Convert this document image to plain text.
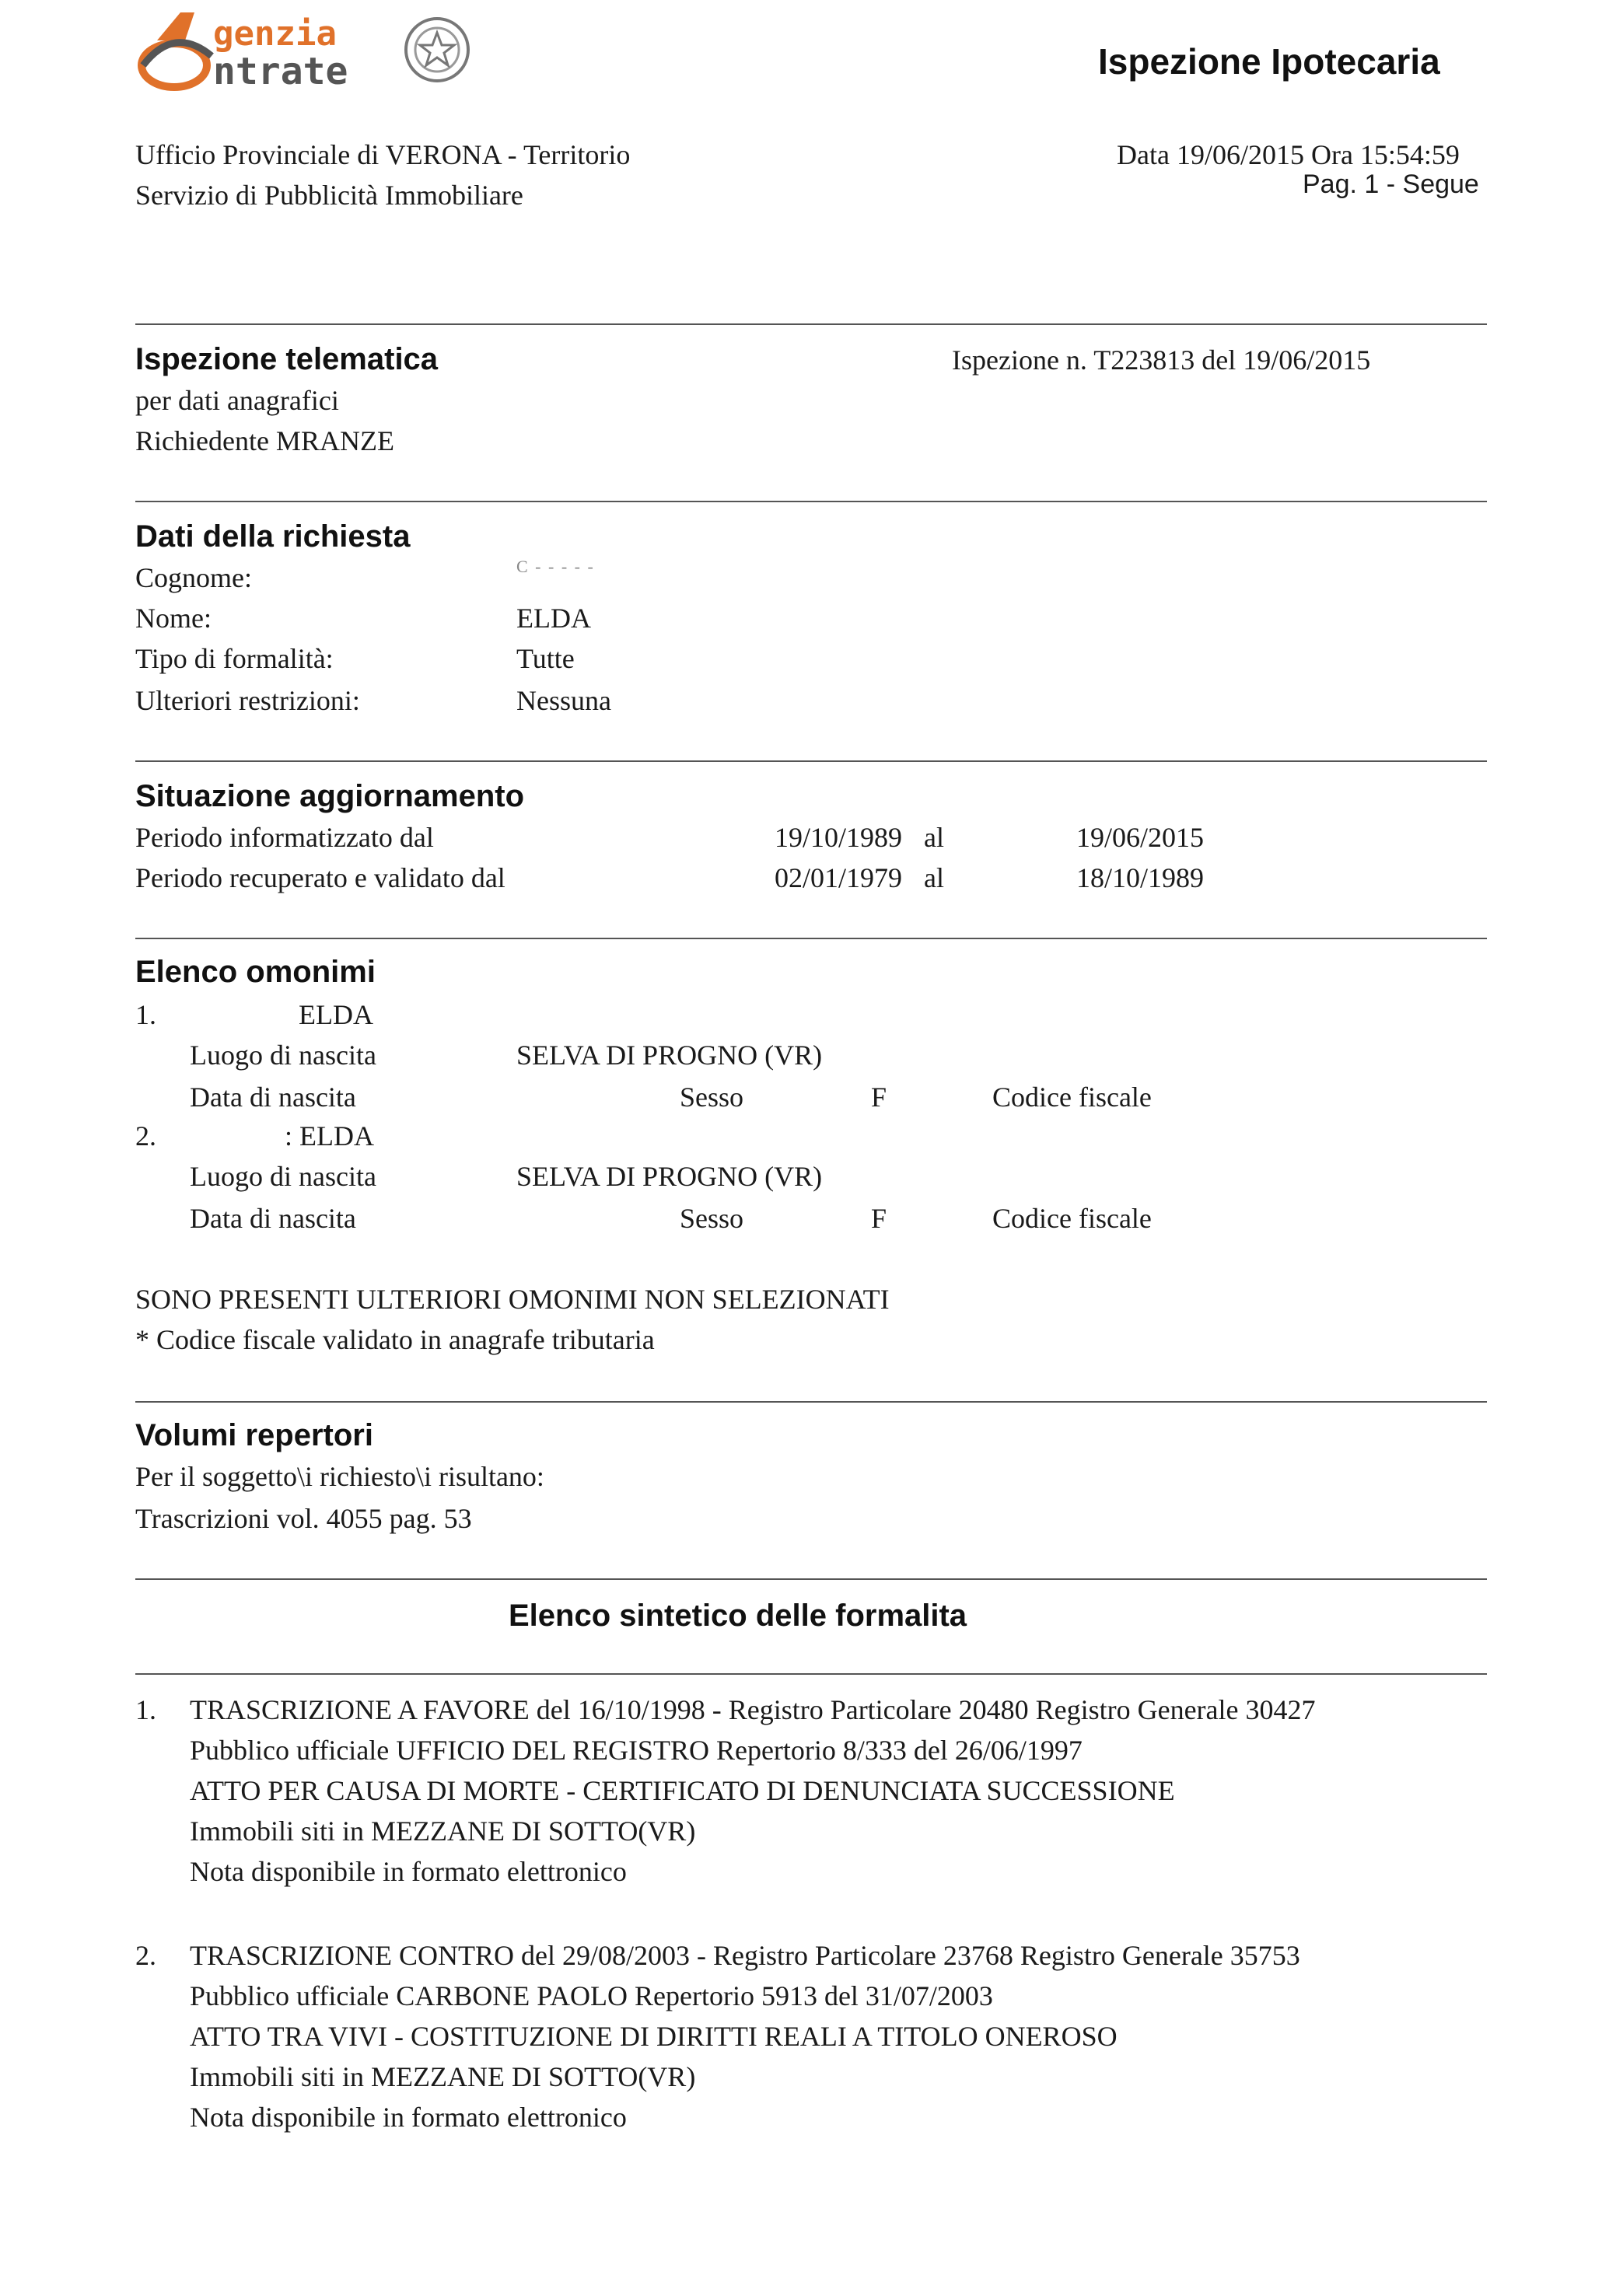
genzia
ntrate	Ispezione Ipotecaria
Ufficio Provinciale di VERONA - Territorio
Servizio di Pubblicità Immobiliare
Data 19/06/2015 Ora 15:54:59
Pag. 1 - Segue
Ispezione telematica
per dati anagrafici
Richiedente MRANZE
Ispezione n. T223813 del 19/06/2015
Dati della richiesta
Cognome:	C - - - - -
Nome:	ELDA
Tipo di formalità:	Tutte
Ulteriori restrizioni:	Nessuna
Situazione aggiornamento
Periodo informatizzato dal	19/10/1989 al	19/06/2015
Periodo recuperato e validato dal	02/01/1979 al	18/10/1989
Elenco omonimi
1.	ELDA
Luogo di nascita	SELVA DI PROGNO (VR)
Data di nascita	Sesso	F	Codice fiscale
2.	: ELDA
Luogo di nascita	SELVA DI PROGNO (VR)
Data di nascita	Sesso	F	Codice fiscale
SONO PRESENTI ULTERIORI OMONIMI NON SELEZIONATI
* Codice fiscale validato in anagrafe tributaria
Volumi repertori
Per il soggetto\i richiesto\i risultano:
Trascrizioni vol. 4055 pag. 53
Elenco sintetico delle formalita
1. TRASCRIZIONE A FAVORE del 16/10/1998 - Registro Particolare 20480 Registro Generale 30427
Pubblico ufficiale UFFICIO DEL REGISTRO Repertorio 8/333 del 26/06/1997
ATTO PER CAUSA DI MORTE - CERTIFICATO DI DENUNCIATA SUCCESSIONE
Immobili siti in MEZZANE DI SOTTO(VR)
Nota disponibile in formato elettronico
2. TRASCRIZIONE CONTRO del 29/08/2003 - Registro Particolare 23768 Registro Generale 35753
Pubblico ufficiale CARBONE PAOLO Repertorio 5913 del 31/07/2003
ATTO TRA VIVI - COSTITUZIONE DI DIRITTI REALI A TITOLO ONEROSO
Immobili siti in MEZZANE DI SOTTO(VR)
Nota disponibile in formato elettronico
